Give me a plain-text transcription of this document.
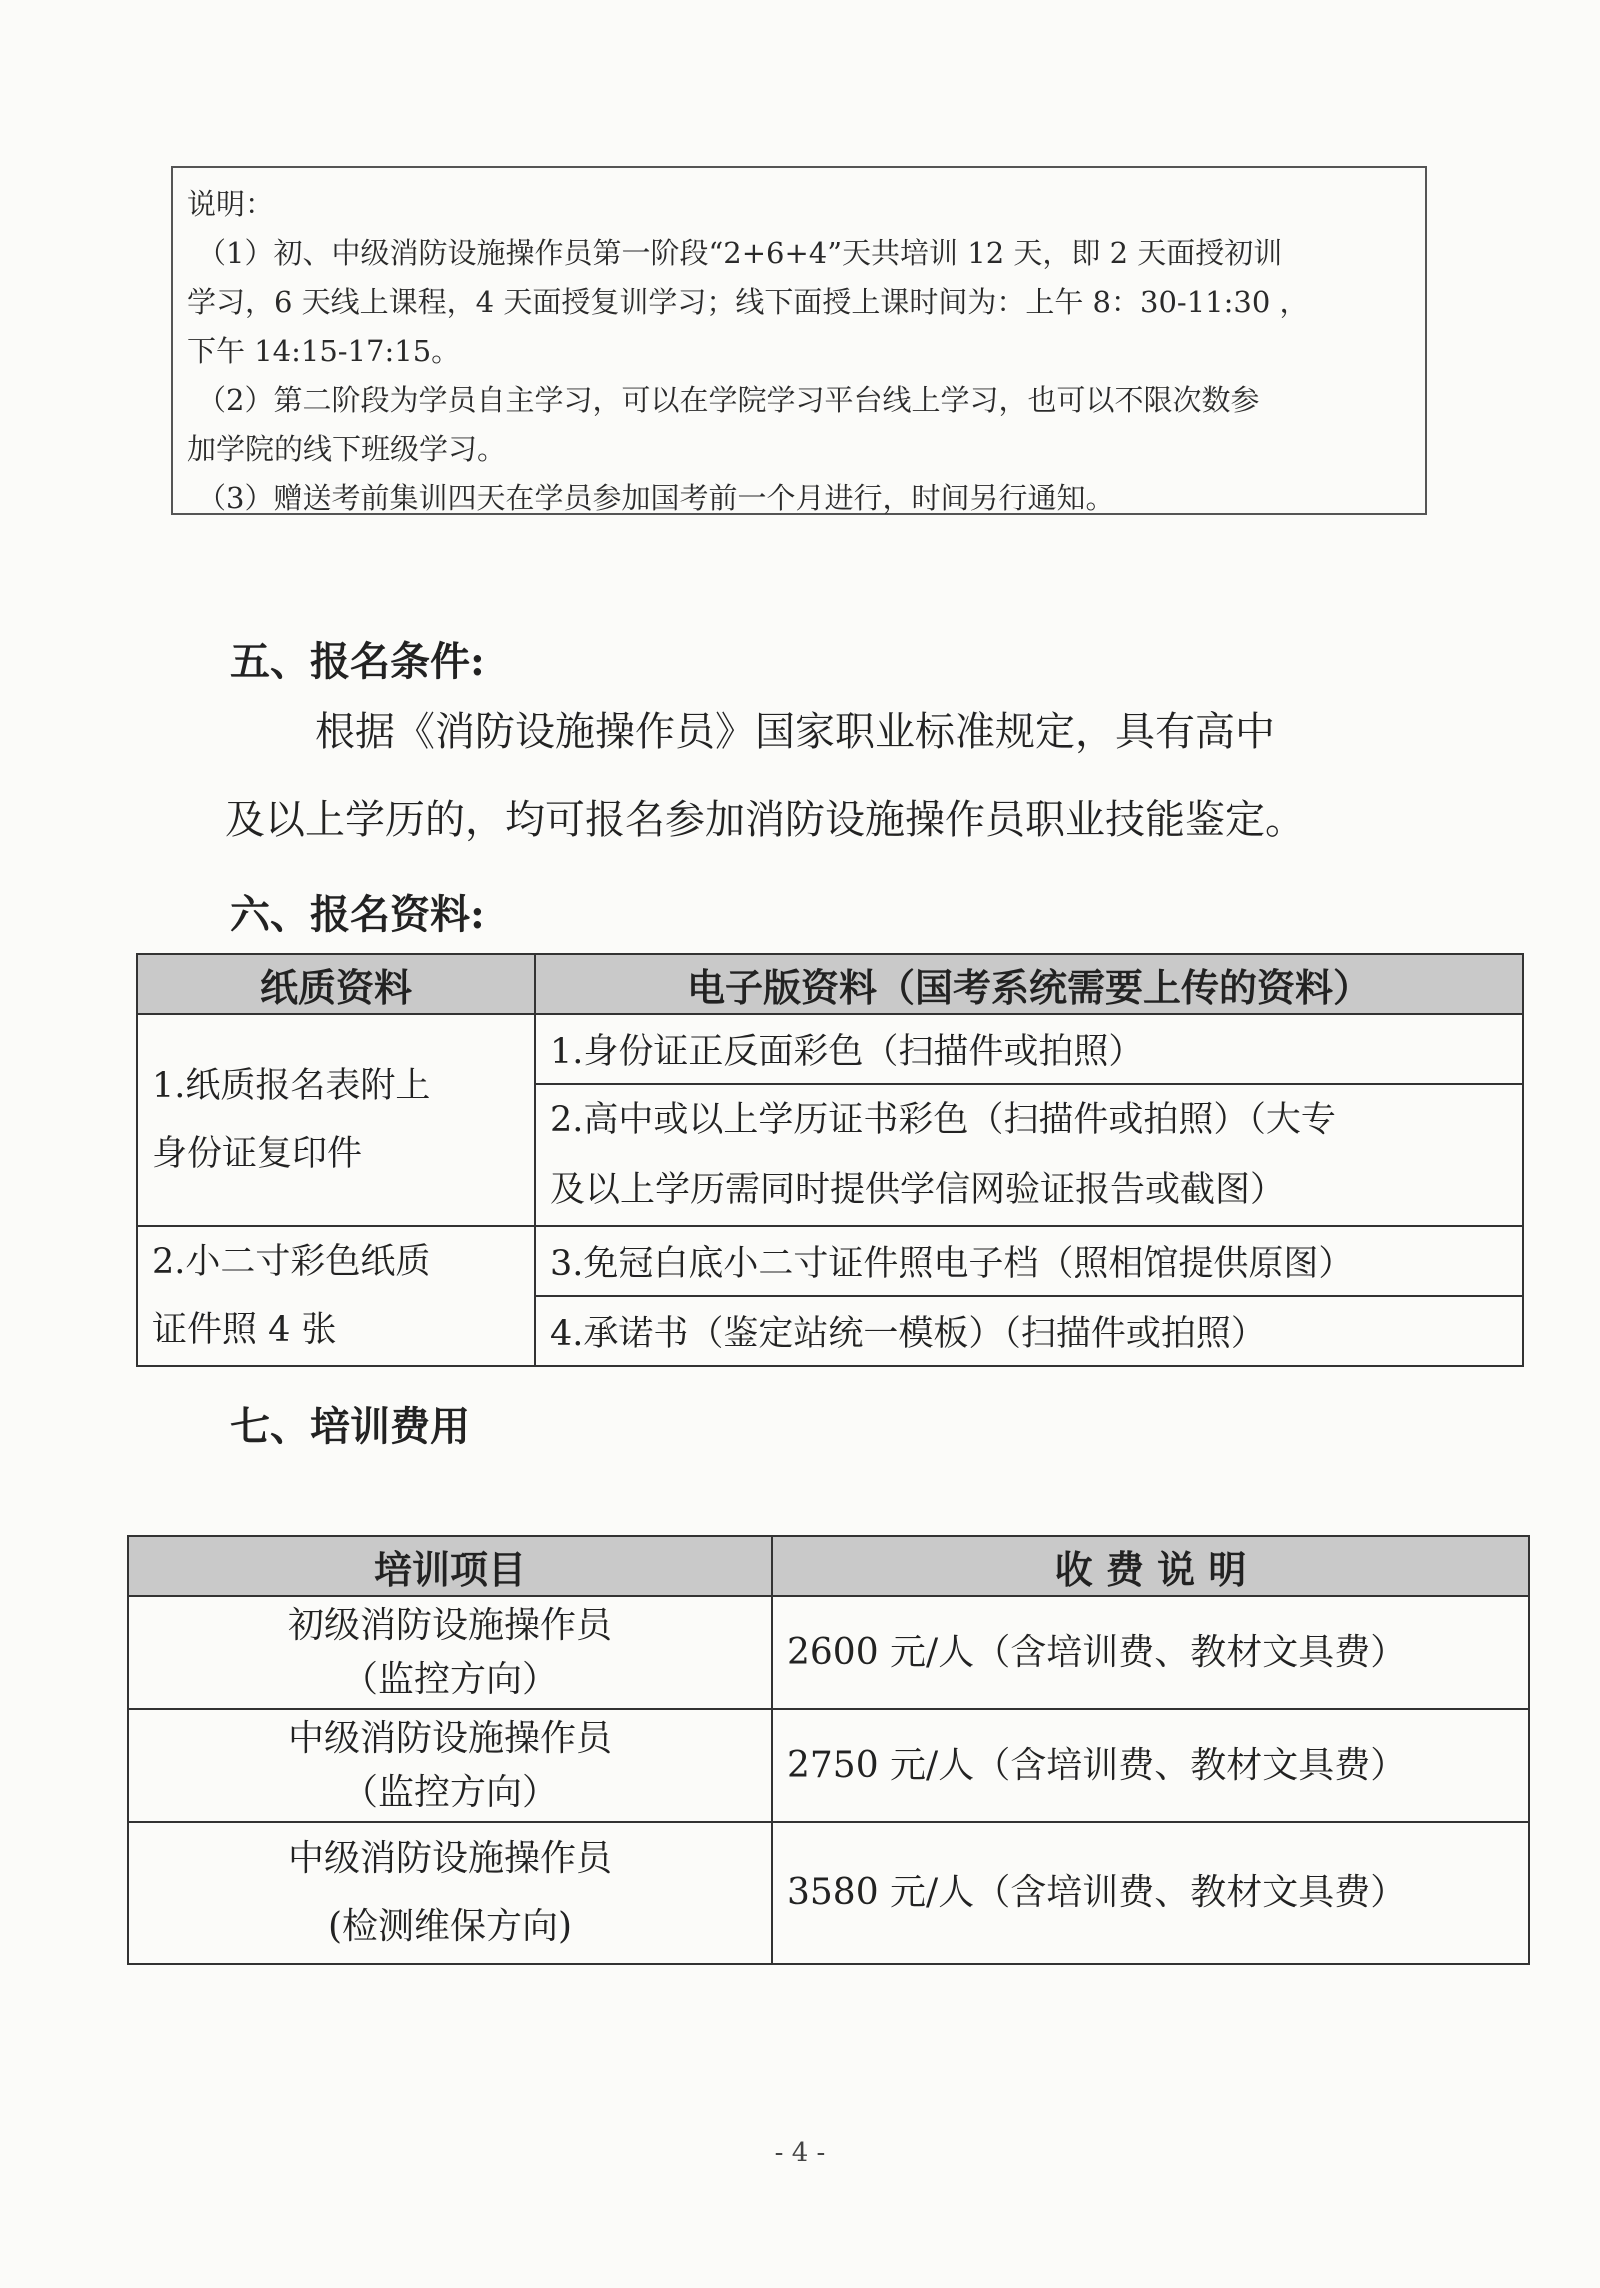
说明：

（1）初、中级消防设施操作员第一阶段“2+6+4”天共培训 12 天，即 2 天面授初训

学习，6 天线上课程，4 天面授复训学习；线下面授上课时间为：上午 8：30-11:30 ，

下午 14:15-17:15。

（2）第二阶段为学员自主学习，可以在学院学习平台线上学习，也可以不限次数参

加学院的线下班级学习。

（3）赠送考前集训四天在学员参加国考前一个月进行，时间另行通知。

五、报名条件:
根据《消防设施操作员》国家职业标准规定，具有高中
及以上学历的，均可报名参加消防设施操作员职业技能鉴定。
六、报名资料:
纸质资料	电子版资料（国考系统需要上传的资料）

1.纸质报名表附上
身份证复印件	1.身份证正反面彩色（扫描件或拍照）

	2.高中或以上学历证书彩色（扫描件或拍照）（大专
及以上学历需同时提供学信网验证报告或截图）

2.小二寸彩色纸质
证件照 4 张	3.免冠白底小二寸证件照电子档（照相馆提供原图）
	4.承诺书（鉴定站统一模板）（扫描件或拍照）
七、培训费用
培训项目	收 费 说 明

初级消防设施操作员
（监控方向）	2600 元/人（含培训费、教材文具费）

中级消防设施操作员
（监控方向）	2750 元/人（含培训费、教材文具费）

中级消防设施操作员
(检测维保方向)	3580 元/人（含培训费、教材文具费）
- 4 -
